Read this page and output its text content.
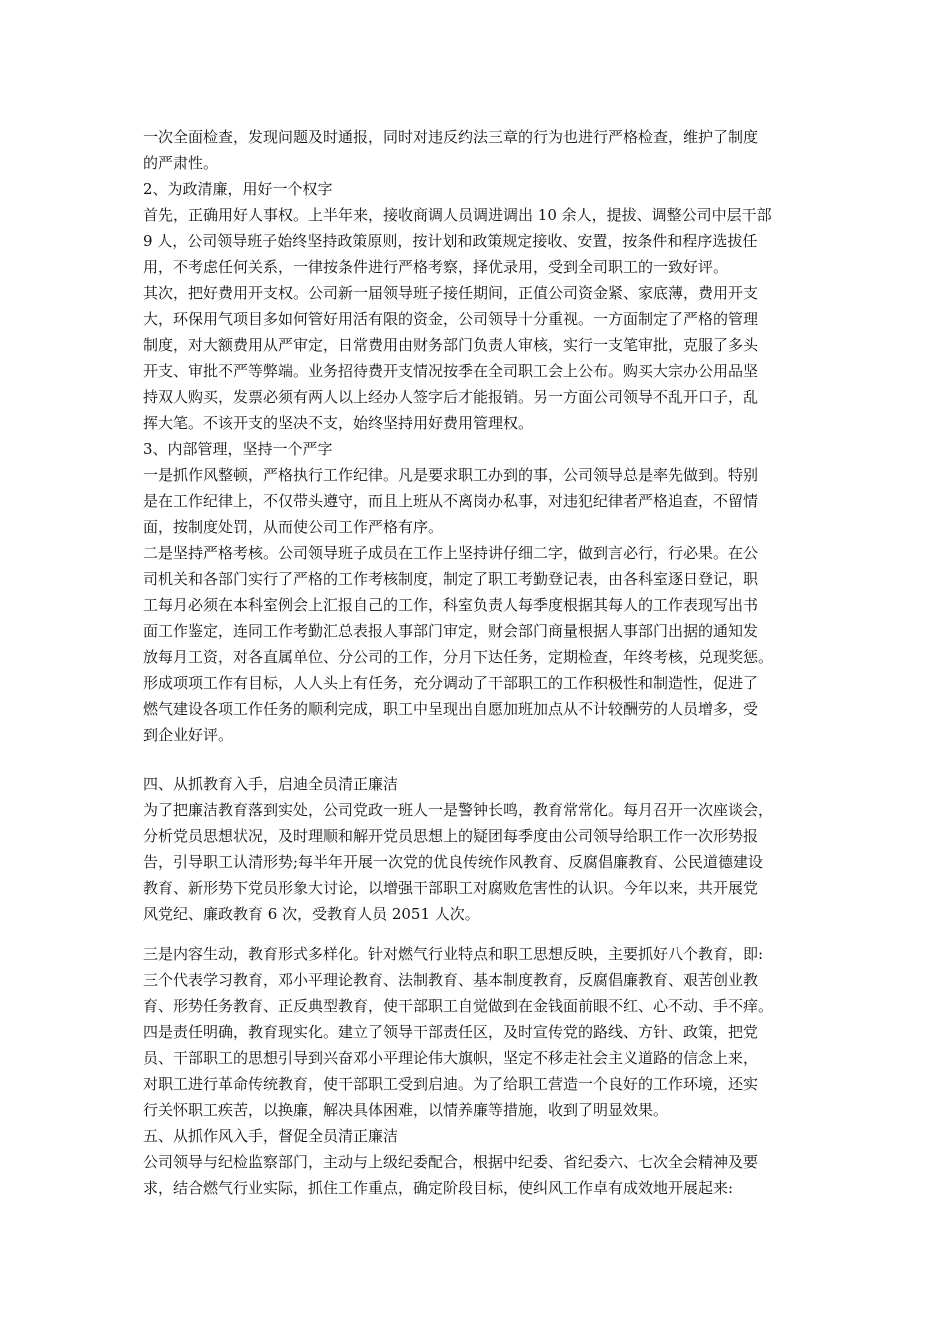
一次全面检查，发现问题及时通报，同时对违反约法三章的行为也进行严格检查，维护了制度
的严肃性。
2、为政清廉，用好一个权字
首先，正确用好人事权。上半年来，接收商调人员调进调出 10 余人，提拔、调整公司中层干部
9 人，公司领导班子始终坚持政策原则，按计划和政策规定接收、安置，按条件和程序选拔任
用，不考虑任何关系，一律按条件进行严格考察，择优录用，受到全司职工的一致好评。
其次，把好费用开支权。公司新一届领导班子接任期间，正值公司资金紧、家底薄，费用开支
大，环保用气项目多如何管好用活有限的资金，公司领导十分重视。一方面制定了严格的管理
制度，对大额费用从严审定，日常费用由财务部门负责人审核，实行一支笔审批，克服了多头
开支、审批不严等弊端。业务招待费开支情况按季在全司职工会上公布。购买大宗办公用品坚
持双人购买，发票必须有两人以上经办人签字后才能报销。另一方面公司领导不乱开口子，乱
挥大笔。不该开支的坚决不支，始终坚持用好费用管理权。
3、内部管理，坚持一个严字
一是抓作风整顿，严格执行工作纪律。凡是要求职工办到的事，公司领导总是率先做到。特别
是在工作纪律上，不仅带头遵守，而且上班从不离岗办私事，对违犯纪律者严格追查，不留情
面，按制度处罚，从而使公司工作严格有序。
二是坚持严格考核。公司领导班子成员在工作上坚持讲仔细二字，做到言必行，行必果。在公
司机关和各部门实行了严格的工作考核制度，制定了职工考勤登记表，由各科室逐日登记，职
工每月必须在本科室例会上汇报自己的工作，科室负责人每季度根据其每人的工作表现写出书
面工作鉴定，连同工作考勤汇总表报人事部门审定，财会部门商量根据人事部门出据的通知发
放每月工资，对各直属单位、分公司的工作，分月下达任务，定期检查，年终考核，兑现奖惩。
形成项项工作有目标，人人头上有任务，充分调动了干部职工的工作积极性和制造性，促进了
燃气建设各项工作任务的顺利完成，职工中呈现出自愿加班加点从不计较酬劳的人员增多，受
到企业好评。
四、从抓教育入手，启迪全员清正廉洁
为了把廉洁教育落到实处，公司党政一班人一是警钟长鸣，教育常常化。每月召开一次座谈会，
分析党员思想状况，及时理顺和解开党员思想上的疑团每季度由公司领导给职工作一次形势报
告，引导职工认清形势;每半年开展一次党的优良传统作风教育、反腐倡廉教育、公民道德建设
教育、新形势下党员形象大讨论，以增强干部职工对腐败危害性的认识。今年以来，共开展党
风党纪、廉政教育 6 次，受教育人员 2051 人次。
三是内容生动，教育形式多样化。针对燃气行业特点和职工思想反映，主要抓好八个教育，即:
三个代表学习教育，邓小平理论教育、法制教育、基本制度教育，反腐倡廉教育、艰苦创业教
育、形势任务教育、正反典型教育，使干部职工自觉做到在金钱面前眼不红、心不动、手不痒。
四是责任明确，教育现实化。建立了领导干部责任区，及时宣传党的路线、方针、政策，把党
员、干部职工的思想引导到兴奋邓小平理论伟大旗帜，坚定不移走社会主义道路的信念上来，
对职工进行革命传统教育，使干部职工受到启迪。为了给职工营造一个良好的工作环境，还实
行关怀职工疾苦，以换廉，解决具体困难，以情养廉等措施，收到了明显效果。
五、从抓作风入手，督促全员清正廉洁
公司领导与纪检监察部门，主动与上级纪委配合，根据中纪委、省纪委六、七次全会精神及要
求，结合燃气行业实际，抓住工作重点，确定阶段目标，使纠风工作卓有成效地开展起来:
